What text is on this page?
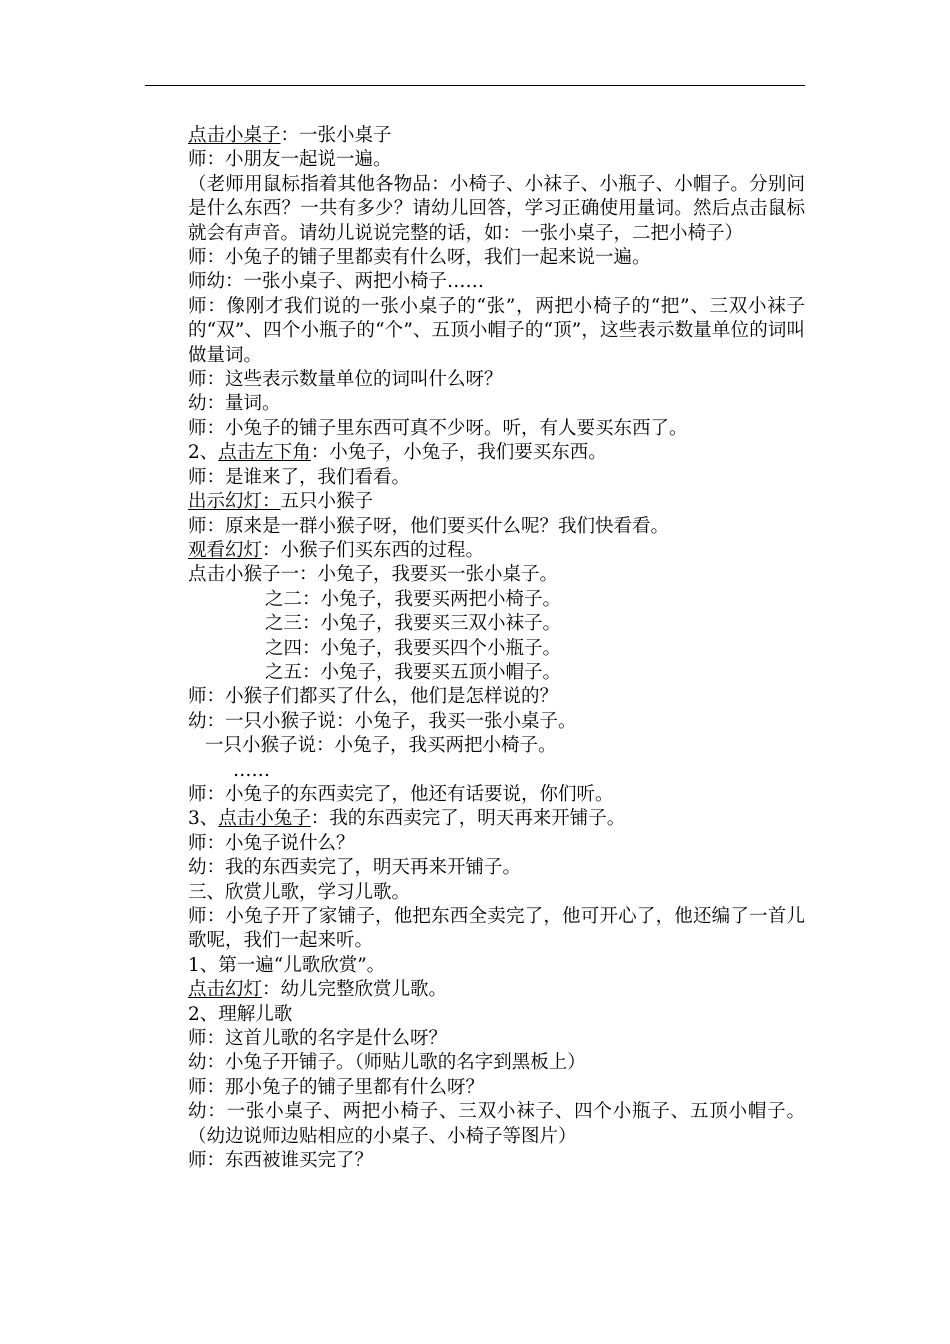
点击小桌子：一张小桌子

师：小朋友一起说一遍。

（老师用鼠标指着其他各物品：小椅子、小袜子、小瓶子、小帽子。分别问是什么东西？一共有多少？请幼儿回答，学习正确使用量词。然后点击鼠标就会有声音。请幼儿说说完整的话，如：一张小桌子，二把小椅子）

师：小兔子的铺子里都卖有什么呀，我们一起来说一遍。

师幼：一张小桌子、两把小椅子……

师：像刚才我们说的一张小桌子的“张”，两把小椅子的“把”、三双小袜子的“双”、四个小瓶子的“个”、五顶小帽子的“顶”，这些表示数量单位的词叫做量词。

师：这些表示数量单位的词叫什么呀？

幼：量词。

师：小兔子的铺子里东西可真不少呀。听，有人要买东西了。

2、点击左下角：小兔子，小兔子，我们要买东西。

师：是谁来了，我们看看。

出示幻灯：五只小猴子

师：原来是一群小猴子呀，他们要买什么呢？我们快看看。

观看幻灯：小猴子们买东西的过程。

点击小猴子一：小兔子，我要买一张小桌子。

之二：小兔子，我要买两把小椅子。

之三：小兔子，我要买三双小袜子。

之四：小兔子，我要买四个小瓶子。

之五：小兔子，我要买五顶小帽子。

师：小猴子们都买了什么，他们是怎样说的？

幼：一只小猴子说：小兔子，我买一张小桌子。

一只小猴子说：小兔子，我买两把小椅子。

……

师：小兔子的东西卖完了，他还有话要说，你们听。

3、点击小兔子：我的东西卖完了，明天再来开铺子。

师：小兔子说什么？

幼：我的东西卖完了，明天再来开铺子。

三、欣赏儿歌，学习儿歌。

师：小兔子开了家铺子，他把东西全卖完了，他可开心了，他还编了一首儿歌呢，我们一起来听。

1、第一遍“儿歌欣赏”。

点击幻灯：幼儿完整欣赏儿歌。

2、理解儿歌

师：这首儿歌的名字是什么呀？

幼：小兔子开铺子。（师贴儿歌的名字到黑板上）

师：那小兔子的铺子里都有什么呀？

幼：一张小桌子、两把小椅子、三双小袜子、四个小瓶子、五顶小帽子。（幼边说师边贴相应的小桌子、小椅子等图片）

师：东西被谁买完了？
